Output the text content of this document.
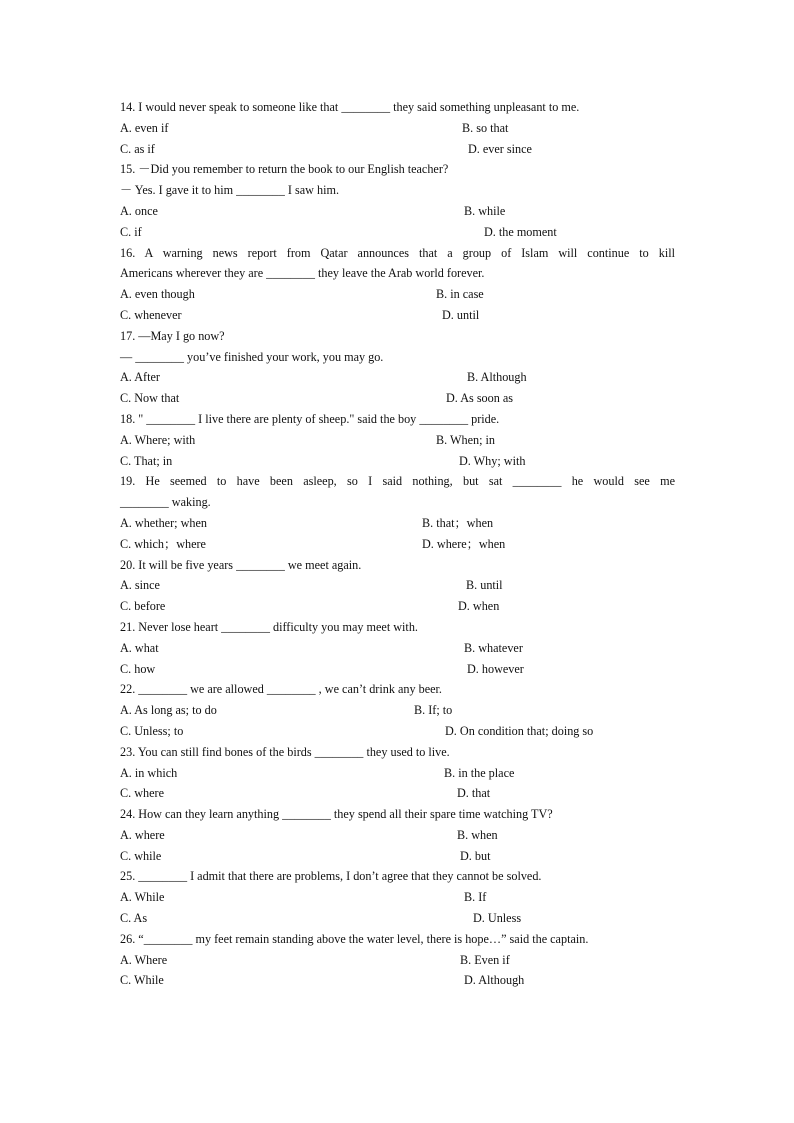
14. I would never speak to someone like that ________ they said something unpleasant to me.
A. even if	B. so that
C. as if	D. ever since
15. －Did you remember to return the book to our English teacher?
－ Yes. I gave it to him ________ I saw him.
A. once	B. while
C. if	D. the moment
16. A warning news report from Qatar announces that a group of Islam will continue to kill
Americans wherever they are ________ they leave the Arab world forever.
A. even though	B. in case
C. whenever	D. until
17. —May I go now?
— ________ you’ve finished your work, you may go.
A. After	B. Although
C. Now that	D. As soon as
18. " ________ I live there are plenty of sheep." said the boy ________ pride.
A. Where; with	B. When; in
C. That; in	D. Why; with
19. He seemed to have been asleep, so I said nothing, but sat ________ he would see me
________ waking.
A. whether; when	B. that；when
C. which；where	D. where；when
20. It will be five years ________ we meet again.
A. since	B. until
C. before	D. when
21. Never lose heart ________ difficulty you may meet with.
A. what	B. whatever
C. how	D. however
22. ________ we are allowed ________ , we can’t drink any beer.
A. As long as; to do	B. If; to
C. Unless; to	D. On condition that; doing so
23. You can still find bones of the birds ________ they used to live.
A. in which	B. in the place
C. where	D. that
24. How can they learn anything ________ they spend all their spare time watching TV?
A. where	B. when
C. while	D. but
25. ________ I admit that there are problems, I don’t agree that they cannot be solved.
A. While	B. If
C. As	D. Unless
26. “________ my feet remain standing above the water level, there is hope…” said the captain.
A. Where	B. Even if
C. While	D. Although
